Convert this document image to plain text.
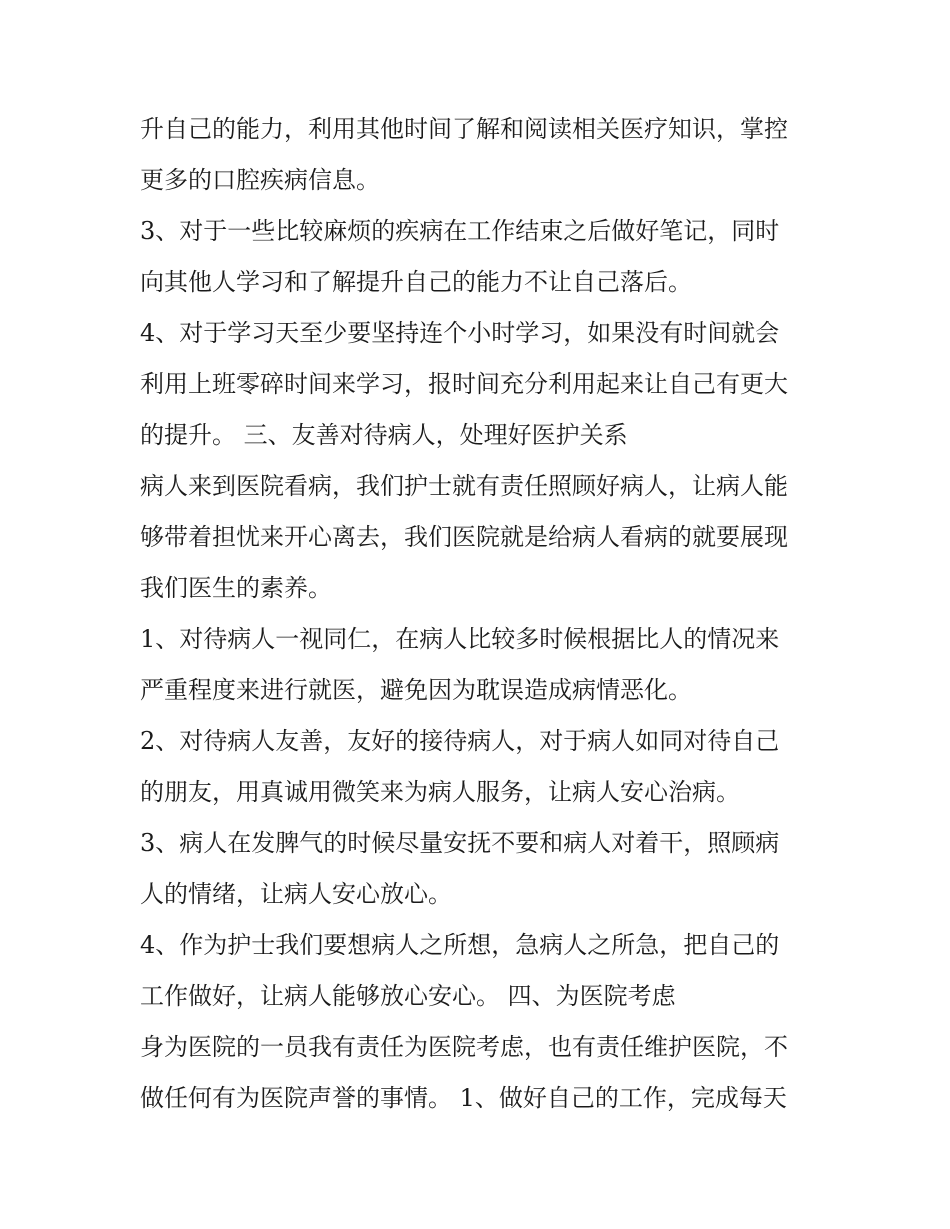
升自己的能力，利用其他时间了解和阅读相关医疗知识，掌控
更多的口腔疾病信息。
3、对于一些比较麻烦的疾病在工作结束之后做好笔记，同时
向其他人学习和了解提升自己的能力不让自己落后。
4、对于学习天至少要坚持连个小时学习，如果没有时间就会
利用上班零碎时间来学习，报时间充分利用起来让自己有更大
的提升。 三、友善对待病人，处理好医护关系
病人来到医院看病，我们护士就有责任照顾好病人，让病人能
够带着担忧来开心离去，我们医院就是给病人看病的就要展现
我们医生的素养。
1、对待病人一视同仁，在病人比较多时候根据比人的情况来
严重程度来进行就医，避免因为耽误造成病情恶化。
2、对待病人友善，友好的接待病人，对于病人如同对待自己
的朋友，用真诚用微笑来为病人服务，让病人安心治病。
3、病人在发脾气的时候尽量安抚不要和病人对着干，照顾病
人的情绪，让病人安心放心。
4、作为护士我们要想病人之所想，急病人之所急，把自己的
工作做好，让病人能够放心安心。 四、为医院考虑
身为医院的一员我有责任为医院考虑，也有责任维护医院，不
做任何有为医院声誉的事情。 1、做好自己的工作，完成每天
